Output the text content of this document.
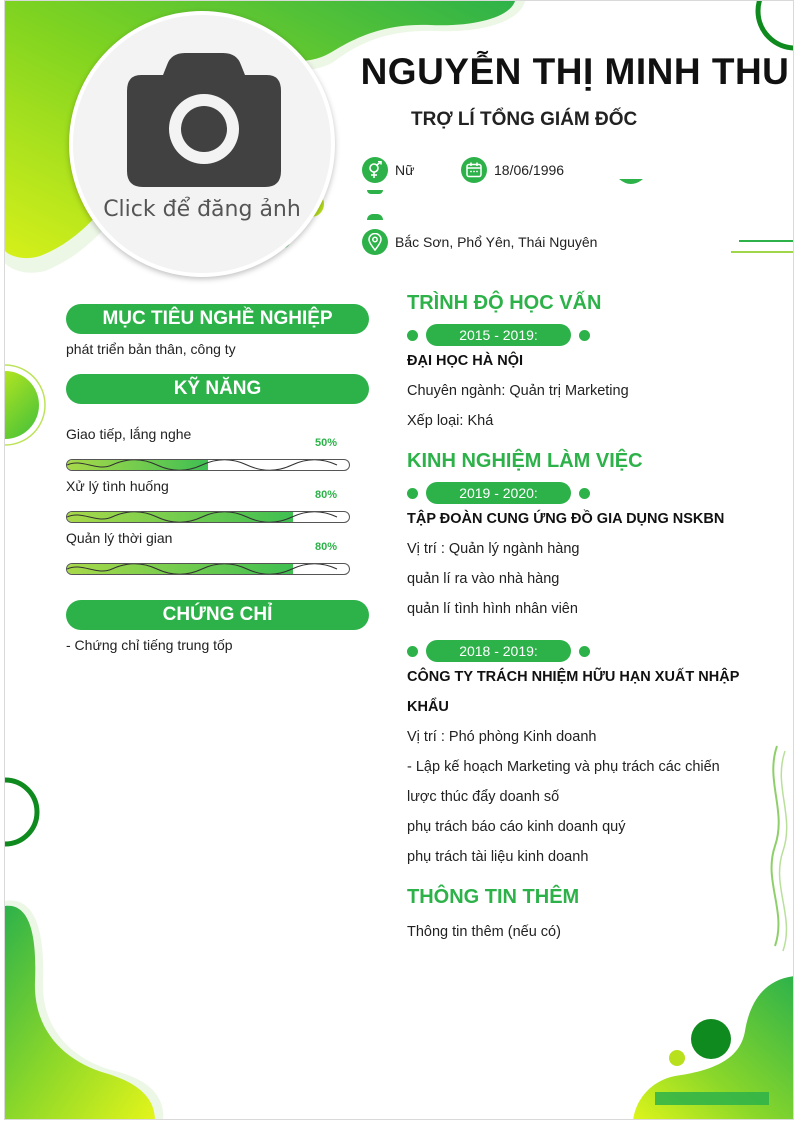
Click để đăng ảnh
NGUYỄN THỊ MINH THU
TRỢ LÍ TỔNG GIÁM ĐỐC
Nữ	18/06/1996
Bắc Sơn, Phổ Yên, Thái Nguyên
MỤC TIÊU NGHỀ NGHIỆP
phát triển bản thân, công ty
KỸ NĂNG
Giao tiếp, lắng nghe
50%
Xử lý tình huống
80%
Quản lý thời gian
80%
CHỨNG CHỈ
- Chứng chỉ tiếng trung tốp
TRÌNH ĐỘ HỌC VẤN
2015 - 2019:
ĐẠI HỌC HÀ NỘI
Chuyên ngành: Quản trị Marketing
Xếp loại: Khá
KINH NGHIỆM LÀM VIỆC
2019 - 2020:
TẬP ĐOÀN CUNG ỨNG ĐỒ GIA DỤNG NSKBN
Vị trí : Quản lý ngành hàng
quản lí ra vào nhà hàng
quản lí tình hình nhân viên
2018 - 2019:
CÔNG TY TRÁCH NHIỆM HỮU HẠN XUẤT NHẬP
KHẨU
Vị trí : Phó phòng Kinh doanh
- Lập kế hoạch Marketing và phụ trách các chiến
lược thúc đẩy doanh số
phụ trách báo cáo kinh doanh quý
phụ trách tài liệu kinh doanh
THÔNG TIN THÊM
Thông tin thêm (nếu có)
